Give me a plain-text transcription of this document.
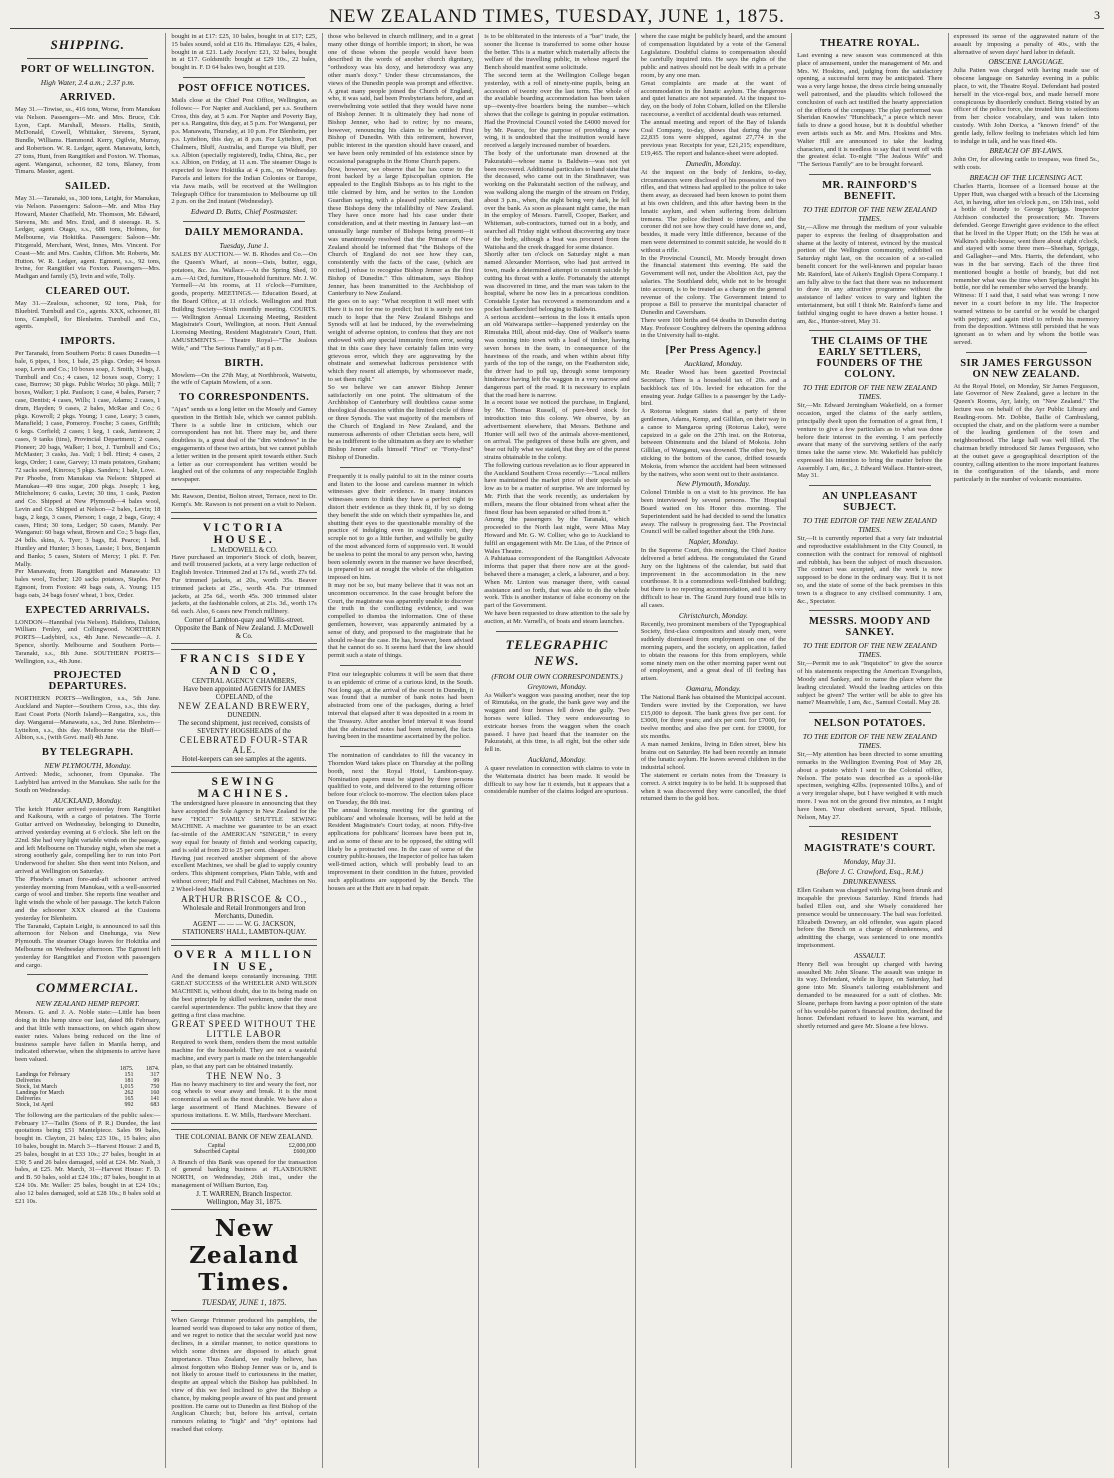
NEW ZEALAND TIMES, TUESDAY, JUNE 1, 1875.	3
SHIPPING.
PORT OF WELLINGTON.
High Water, 2.4 a.m.; 2.37 p.m.
ARRIVED.
May 31.—Towise, ss., 416 tons, Worse, from Manukau via Nelson. Passengers—Mr. and Mrs. Bruce, Cdr. Lyon, Capt. Marshall, Messrs. Hallis, Smith, McDonald, Cowell, Whittaker, Stevens, Syrant, Bundle, Williams. Hammond. Kerry, Ogilvie, Murray, and Robertson. W. R. Ledger, agent. Manawatu, ketch, 27 tons, Hunt, from Rangitikei and Foxton. W. Thomas, agent. Wanganui, schooner, 82 tons, Blaney, from Timaru. Master, agent.
SAILED.
May 31.—Taranaki, ss., 300 tons, Leight, for Manukau, via Nelson. Passengers: Saloon—Mr. and Miss Hay Howard, Master Chatfield, Mr. Thomson, Mr. Edward, Stevens, Mr. and Mrs. Enid, and 8 steerage. R. S. Ledger, agent. Otago, s.s., 688 tons, Holmes, for Melbourne, via Hokitika. Passengers: Saloon—Mr. Fitzgerald, Merchant, West, Innes, Mrs. Vincent. For Coast—Mr. and Mrs. Cashin, Clifton. Mr. Roberts, Mr. Hutton. W. R. Ledger, agent. Egmont, s.s., 92 tons, Irvine, for Rangitikei via Foxton. Passengers—Mrs. Madigan and family (5), Irvin and wife, Tolly.
CLEARED OUT.
May 31.—Zealous, schooner, 92 tons, Pisk, for Bluebird. Turnbull and Co., agents. XXX, schooner, 81 tons, Campbell, for Blenheim. Turnbull and Co., agents.
IMPORTS.
Per Taranaki, from Southern Ports: 8 cases Dunedin—1 bale, 6 pipes, 1 box, 1 bale, 25 pkgs. Order; 44 boxes soap, Levin and Co.; 10 boxes soap, J. Smith, 3 bags, J. Turnbull and Co.; 4 cases, 12 boxes soap, Corry; 1 case, Burrow; 30 pkgs. Public Works; 30 pkgs. Mill; 7 boxes, Walker; 1 pkt. Paulson; 1 case, 4 bales, Parser; 7 case, Dentist; 4 cases, Wills; 1 case, Adams; 2 cases, 1 drum, Hayden; 9 cases, 2 bales, McRae and Co.; 6 pkgs. Kowroll; 2 pkgs. Young; 1 case, Leary; 3 cases, Mansfield; 1 case, Pomeroy. Fosche; 3 cases, Griffith; 6 kegs. Corfield; 2 cases; 1 keg, 1 cask, Jamieson; 2 cases, 9 tanks (tins), Provincial Department; 2 cases, Pioneer; 20 bags, Walker; 1 box, J. Turnbull and Co.; McMaster; 3 casks, Jas. Vail; 1 bdl. Hirst; 4 cases, 2 kegs, Order; 1 case, Garvey; 13 mats potatoes, Graham; 72 sacks seed, Kinross; 5 pkgs. Sanders; 1 bale, Love.
Per Phoebe, from Manukau via Nelson: Shipped at Manukau—49 tins sugar, 200 pkgs. Joseph; 1 keg, Mitchelmore; 6 casks, Levin; 30 tins, 1 cask, Paxton and Co. Shipped at New Plymouth—4 bales wool, Levin and Co. Shipped at Nelson—2 bales, Levin; 18 bags, 2 kegs, 3 cases, Pierson; 1 cage, 2 bags, Gray; 4 cases, Hirst; 30 tons, Ledger; 50 cases, Mandy. Per Wanganui: 60 bags wheat, Brown and Co.; 5 bags flax, 24 bdls. skins, A. Tyer; 3 bags, Ed. Pearce; 1 bdl. Huntley and Hunter; 3 boxes, Lassie; 1 box, Benjamin and Banks; 5 cases, Sisters of Mercy; 1 pkt. F. Fer. Mally.
Per Manawatu, from Rangitikei and Manawatu: 13 bales wool, Tocher; 120 sacks potatoes, Staples. Per Egmont, from Foxton: 49 bags oats, A. Young; 115 bags oats, 24 bags foxes' wheat, 1 box, Order.
EXPECTED ARRIVALS.
LONDON—Hannibal (via Nelson). Halidons, Dalston, William Fenley, and Collingwood. NORTHERN PORTS—Ladybird, s.s., 4th June. Newcastle—A. J. Spence, shortly. Melbourne and Southern Ports—Taranaki, s.s., 8th June. SOUTHERN PORTS—Wellington, s.s., 4th June.
PROJECTED DEPARTURES.
NORTHERN PORTS—Wellington, s.s., 5th June. Auckland and Napier—Southern Cross, s.s., this day. East Coast Ports (North Island)—Rangatira, s.s., this day. Wanganui—Manawatu, s.s., 3rd June. Blenheim—Lyttelton, s.s., this day. Melbourne via the Bluff—Albion, s.s., (with Govt. mail) 4th June.
BY TELEGRAPH.
NEW PLYMOUTH, Monday.
Arrived: Medic, schooner, from Opunake. The Ladybird has arrived in the Manukau. She sails for the South on Wednesday.
AUCKLAND, Monday.
The ketch Hunter arrived yesterday from Rangitikei and Kaikoura, with a cargo of potatoes. The Torrie Guitar arrived on Wednesday, belonging to Dunedin, arrived yesterday evening at 6 o'clock. She left on the 22nd. She had very light variable winds on the passage, and left Melbourne on Thursday night, when she met a strong southerly gale, compelling her to run into Port Underwood for shelter. She then went into Nelson, and arrived at Wellington on Saturday.
The Phoebe's smart fore-and-aft schooner arrived yesterday morning from Manukau, with a well-assorted cargo of wool and timber. She reports fine weather and light winds the whole of her passage. The ketch Falcon and the schooner XXX cleared at the Customs yesterday for Blenheim.
The Taranaki, Captain Leight, is announced to sail this afternoon for Nelson and Onehunga, via New Plymouth. The steamer Otago leaves for Hokitika and Melbourne on Wednesday afternoon. The Egmont left yesterday for Rangitikei and Foxton with passengers and cargo.
COMMERCIAL.
NEW ZEALAND HEMP REPORT.
Messrs. G. and J. A. Noble state:—Little has been doing in this hemp since our last, dated 8th February, and that little with transactions, on which again show easier rates. Values being reduced on the line of business sample have fallen in Manila hemp, and indicated otherwise, when the shipments to arrive have been valued.
	1875.	1874.
Landings for February	151	317
Deliveries	181	99
Stock, 1st March	1,015	750
Landings for March	262	160
Deliveries	165	141
Stock, 1st April	992	683
The following are the particulars of the public sales:— February 17—Tailin (Sons of P. R.) Dundee, the last quotations being £51 Mantelpiece. Sales 99 bales, bought in. Clayton, 21 bales; £23 10s., 15 bales; also 10 bales, bought in. March 3—Harvest House: 2 and B, 25 bales, bought in at £33 10s.; 27 bales, bought in at £30; 5 and 26 bales damaged, sold at £24. Mr. Nash, 3 bales, at £25. Mr. March, 31—Harvest House: F. D. and B. 50 bales, sold at £24 10s.; 87 bales, bought in at £24 10s. Mr. Waller: 25 bales, bought in at £24 10s.; also 12 bales damaged, sold at £28 10s.; 8 bales sold at £21 10s.
bought in at £17: £25, 10 bales, bought in at £17; £25, 15 bales sound, sold at £16 8s. Himalaya: £26, 4 bales, bought in at £21. Lady Jocelyn: £21, 32 bales, bought in at £17. Goldsmith: bought at £29 10s., 22 bales, bought in. F. D 64 bales two, bought at £19.
POST OFFICE NOTICES.
Mails close at the Chief Post Office, Wellington, as follows:— For Napier and Auckland, per s.s. Southern Cross, this day, at 5 a.m. For Napier and Poverty Bay, per s.s. Rangatira, this day, at 5 p.m. For Wanganui, per p.s. Manawatu, Thursday, at 10 p.m. For Blenheim, per p.s. Lyttelton, this day, at 8 p.m. For Lyttelton, Port Chalmers, Bluff, Australia, and Europe via Bluff, per s.s. Albion (specially registered), India, China, &c., per s.s. Albion, on Friday, at 11 a.m. The steamer Otago is expected to leave Hokitika at 4 p.m., on Wednesday. Parcels and letters for the Indian Colonies or Europe, via Java mails, will be received at the Wellington Telegraph Office for transmission to Melbourne up till 2 p.m. on the 2nd instant (Wednesday).
Edward D. Butts, Chief Postmaster.
DAILY MEMORANDA.
Tuesday, June 1.
SALES BY AUCTION.— W. B. Rhodes and Co.—On the Queen's Wharf, at noon—Oats, butter, eggs, potatoes, &c. Jas. Wallace.—At the Spring Shed, 10 a.m.—At Ord, furniture, Household furniture. Mr. J. W. Yermell—At his rooms, at 11 o'clock—Furniture, goods, property. MEETINGS.— Education Board, at the Board Office, at 11 o'clock. Wellington and Hutt Building Society—Sixth monthly meeting. COURTS.— Wellington Annual Licensing Meeting, Resident Magistrate's Court, Wellington, at noon. Hutt Annual Licensing Meeting, Resident Magistrate's Court, Hutt. AMUSEMENTS.— Theatre Royal—"The Jealous Wife," and "The Serious Family," at 8 p.m.
BIRTH.
Mowlem—On the 27th May, at Northbrook, Waiwetu, the wife of Captain Mowlem, of a son.
TO CORRESPONDENTS.
"Ajax" sends us a long letter on the Mosely and Gamey question in the British Isle, which we cannot publish. There is a subtle line in criticism, which our correspondent has not hit. There may be, and there doubtless is, a great deal of the "dim windows" in the engagements of these two artists, but we cannot publish a letter written in the present spirit towards either. Such a letter as our correspondent has written would be laughed out of the columns of any respectable English newspaper.
Mr. Rawson, Dentist, Bolton street, Terrace, next to Dr. Kemp's. Mr. Rawson is not present on a visit to Nelson.
VICTORIA HOUSE.
L. McDOWELL & CO.
Have purchased an importer's Stock of cloth, beaver, and twill trousered jackets, at a very large reduction of English Invoice. Trimmed 2nd at 17s 6d., worth 27s 6d. Fur trimmed jackets, at 20s., worth 35s. Beaver trimmed jackets at 25s., worth 45s. Fur trimmed jackets, at 25s 6d., worth 45s. 300 trimmed ulster jackets, at the fashionable colors, at 21s. 3d., worth 17s 6d. each. Also, 6 cases new French millinery.
Corner of Lambton-quay and Willis-street. Opposite the Bank of New Zealand. J. McDowell & Co.
FRANCIS SIDEY AND CO,
CENTRAL AGENCY CHAMBERS,
Have been appointed AGENTS for JAMES COPELAND, of the
NEW ZEALAND BREWERY,
DUNEDIN.
The second shipment, just received, consists of SEVENTY HOGSHEADS of the
CELEBRATED FOUR-STAR ALE.
Hotel-keepers can see samples at the agents.
SEWING MACHINES.
The undersigned have pleasure in announcing that they have accepted the Sole Agency in New Zealand for the new "HOLT" FAMILY SHUTTLE SEWING MACHINE. A machine we guarantee to be an exact fac-simile of the AMERICAN "SINGER," in every way equal for beauty of finish and working capacity, and is sold at from 20 to 25 per cent. cheaper.
Having just received another shipment of the above excellent Machines, we shall be glad to supply country orders. This shipment comprises, Plain Table, with and without cover; Half and Full Cabinet, Machines on No. 2 Wheel-feed Machines.
ARTHUR BRISCOE & CO.,
Wholesale and Retail Ironmongers and Iron Merchants, Dunedin.
AGENT — — — W. G. JACKSON,
STATIONERS' HALL, LAMBTON-QUAY.
OVER A MILLION IN USE,
And the demand keeps constantly increasing. THE GREAT SUCCESS of the WHEELER AND WILSON MACHINE is, without doubt, due to its being made on the best principle by skilled workmen, under the most careful superintendence. The public know that they are getting a first class machine.
GREAT SPEED WITHOUT THE LITTLE LABOR
Required to work them, renders them the most suitable machine for the household. They are not a wasteful machine, and every part is made on the interchangeable plan, so that any part can be obtained instantly.
THE NEW No. 3
Has no heavy machinery to tire and weary the feet, nor cog wheels to wear away and break. It is the most economical as well as the most durable. We have also a large assortment of Hand Machines. Beware of spurious imitations. E. W. Mills, Hardware Merchant.
THE COLONIAL BANK OF NEW ZEALAND.
Capital	£2,000,000
Subscribed Capital	£600,000
A Branch of this Bank was opened for the transaction of general banking business at FLAXBOURNE NORTH, on Wednesday, 26th inst., under the management of William Burton, Esq.
J. T. WARREN, Branch Inspector.
Wellington, May 31, 1875.
New Zealand Times.
TUESDAY, JUNE 1, 1875.
When George Frimmer produced his pamphlets, the learned world was disposed to take any notice of them, and we regret to notice that the secular world just now declines, in a similar manner, to notice questions to which some divines are disposed to attach great importance. Thus Zealand, we really believe, has almost forgotten who Bishop Jenner was or is, and is not likely to arouse itself to curiousness in the matter, despite an appeal which the Bishop has published. In view of this we feel inclined to give the Bishop a chance, by making people aware of his past and present position. He came out to Dunedin as first Bishop of the Anglican Church; but, before his arrival, certain rumours relating to "high" and "dry" opinions had reached that colony.
those who believed in church millinery, and in a great many other things of horrible import; in short, he was one of those whom the people would have been described in the words of another church dignitary, "orthodoxy was his doxy, and heterodoxy was any other man's doxy." Under these circumstances, the views of the Dunedin people was prompt and effective. A great many people joined the Church of England, who, it was said, had been Presbyterians before, and an overwhelming vote settled that they would have none of Bishop Jenner. It is ultimately they had none of Bishop Jenner, who had to retire; by no means, however, renouncing his claim to be entitled First Bishop of Dunedin. With this retirement, however, public interest in the question should have ceased, and we have been only reminded of his existence since by occasional paragraphs in the Home Church papers.
Now, however, we observe that he has come to the front backed by a large Episcopalian opinion. He appealed to the English Bishops as to his right to the title claimed by him, and he writes to the London Guardian saying, with a pleased public sarcasm, that these Bishops deny the infallibility of New Zealand. They have once more had his case under their consideration, and at their meeting in January last—an unusually large number of Bishops being present—it was unanimously resolved that the Primate of New Zealand should be informed that "the Bishops of the Church of England do not see how they can, consistently with the facts of the case, (which are recited,) refuse to recognise Bishop Jenner as the first Bishop of Dunedin." This ultimatum, says Bishop Jenner, has been transmitted to the Archbishop of Canterbury to New Zealand.
He goes on to say: "What reception it will meet with there it is not for me to predict; but it is surely not too much to hope that the New Zealand Bishops and Synods will at last be induced, by the overwhelming weight of adverse opinion, to confess that they are not endowed with any special immunity from error, seeing that in this case they have certainly fallen into very grievous error, which they are aggravating by the obstinate and somewhat ludicrous persistence with which they resent all attempts, by whomsoever made, to set them right."
So we believe we can answer Bishop Jenner satisfactorily on one point. The ultimatum of the Archbishop of Canterbury will doubtless cause some theological discussion within the limited circle of three or three Synods. The vast majority of the members of the Church of England in New Zealand, and the numerous adherents of other Christian sects here, will be as indifferent to the ultimatum as they are to whether Bishop Jenner calls himself "First" or "Forty-first" Bishop of Dunedin.
Frequently it is really painful to sit in the minor courts and listen to the loose and careless manner in which witnesses give their evidence. In many instances witnesses seem to think they have a perfect right to distort their evidence as they think fit, if by so doing they benefit the side on which their sympathies lie, and shutting their eyes to the questionable morality of the practice of indulging even in suggestio veri, they scruple not to go a little further, and wilfully be guilty of the most advanced form of suppressio veri. It would be useless to point the moral to any person who, having been solemnly sworn in the manner we have described, is prepared to set at nought the whole of the obligation imposed on him.
It may not be so, but many believe that it was not an uncommon occurrence. In the case brought before the Court, the magistrate was apparently unable to discover the truth in the conflicting evidence, and was compelled to dismiss the information. One of these gentlemen, however, was apparently animated by a sense of duty, and proposed to the magistrate that he should re-hear the case. He has, however, been advised that he cannot do so. It seems hard that the law should permit such a state of things.
First our telegraphic columns it will be seen that there is an epidemic of crime of a curious kind, in the South. Not long ago, at the arrival of the escort in Dunedin, it was found that a number of bank notes had been abstracted from one of the packages, during a brief interval that elapsed after it was deposited in a room in the Treasury. After another brief interval it was found that the abstracted notes had been returned, the facts having been in the meantime ascertained by the police.
The nomination of candidates to fill the vacancy in Thorndon Ward takes place on Thursday at the polling booth, next the Royal Hotel, Lambton-quay. Nomination papers must be signed by three persons qualified to vote, and delivered to the returning officer before four o'clock to-morrow. The election takes place on Tuesday, the 8th inst.
The annual licensing meeting for the granting of publicans' and wholesale licenses, will be held at the Resident Magistrate's Court today, at noon. Fifty-five applications for publicans' licenses have been put in, and as some of these are to be opposed, the sitting will likely be a protracted one. In the case of some of the country public-houses, the Inspector of police has taken well-timed action, which will probably lead to an improvement in their condition in the future, provided such applications are supported by the Bench. The houses are at the Hutt are in bad repair.
is to be obliterated in the interests of a "bar" trade, the sooner the license is transferred to some other house the better. This is a matter which materially affects the welfare of the travelling public, in whose regard the Bench should manifest some solicitude.
The second term at the Wellington College began yesterday, with a roll of ninety-nine pupils, being an accession of twenty over the last term. The whole of the available boarding accommodation has been taken up—twenty-five boarders being the number—which shows that the college is gaining in popular estimation. Had the Provincial Council voted the £4000 moved for by Mr. Pearce, for the purpose of providing a new wing, it is undoubted that the institution would have received a largely increased number of boarders.
The body of the unfortunate man drowned at the Pakuratahi—whose name is Baldwin—was not yet been recovered. Additional particulars to hand state that the deceased, who came out in the Strathnaver, was working on the Pakuratahi section of the railway, and was walking along the margin of the stream on Friday, about 3 p.m., when, the night being very dark, he fell over the bank. As soon as pleasant night came, the man in the employ of Messrs. Farrell, Cooper, Barker, and Whiteman, sub-contractors, turned out in a body, and searched all Friday night without discovering any trace of the body, although a boat was procured from the Waitoha and the creek dragged for some distance.
Shortly after ten o'clock on Saturday night a man named Alexander Morrison, who had just arrived in town, made a determined attempt to commit suicide by cutting his throat with a knife. Fortunately the attempt was discovered in time, and the man was taken to the hospital, where he now lies in a precarious condition. Constable Lyster has recovered a memorandum and a pocket handkerchief belonging to Baldwin.
A serious accident—serious in the loss it entails upon an old Waiwarapa settler—happened yesterday on the Rimutaka Hill, about mid-day. One of Walker's teams was coming into town with a load of timber, having seven horses in the team, in consequence of the heaviness of the roads, and when within about fifty yards of the top of the range, on the Featherston side, the driver had to pull up, through some temporary hindrance having left the waggon in a very narrow and dangerous part of the road. It is necessary to explain that the road here is narrow.
In a recent issue we noticed the purchase, in England, by Mr. Thomas Russell, of pure-bred stock for introduction into this colony. We observe, by an advertisement elsewhere, that Messrs. Bethune and Hunter will sell two of the animals above-mentioned, on arrival. The pedigrees of these bulls are given, and bear out fully what we stated, that they are of the purest strains obtainable in the colony.
The following curious revelation as to flour appeared in the Auckland Southern Cross recently:—"Local millers have maintained the market price of their specials so low as to be a matter of surprise. We are informed by Mr. Firth that the work recently, as undertaken by millers, means the flour obtained from wheat after the finest flour has been separated or sifted from it."
Among the passengers by the Taranaki, which proceeded to the North last night, were Miss May Howard and Mr. G. W. Collier, who go to Auckland to fulfil an engagement with Mr. De Lias, of the Prince of Wales Theatre.
A Pahiatuaa correspondent of the Rangitikei Advocate informs that paper that there now are at the good-behaved there a manager, a clerk, a labourer, and a boy. When Mr. Linton was manager there, with casual assistance and so forth, that was able to do the whole work. This is another instance of false economy on the part of the Government.
We have been requested to draw attention to the sale by auction, at Mr. Varnell's, of boats and steam launches.
TELEGRAPHIC NEWS.
(FROM OUR OWN CORRESPONDENTS.)
Greytown, Monday.
As Walker's waggon was passing another, near the top of Rimutaka, on the grade, the bank gave way and the waggon and four horses fell down the gully. Two horses were killed. They were endeavouring to extricate horses from the waggon when the coach passed. I have just heard that the teamster on the Pakuratahi, at this time, is all right, but the other side fell in.
Auckland, Monday.
A queer revelation in connection with claims to vote in the Waitemata district has been made. It would be difficult to say how far it extends, but it appears that a considerable number of the claims lodged are spurious.
where the case might be publicly heard, and the amount of compensation liquidated by a vote of the General Legislature. Doubtful claims to compensation should be carefully inquired into. He says the rights of the public and natives should not be dealt with in a private room, by any one man.
Great complaints are made at the want of accommodation in the lunatic asylum. The dangerous and quiet lunatics are not separated. At the inquest to-day, on the body of John Cobarn, killed on the Ellerslie racecourse, a verdict of accidental death was returned.
The annual meeting and report of the Bay of Islands Coal Company, to-day, shows that during the year 22,835 tons were shipped, against 27,774 in the previous year. Receipts for year, £21,215; expenditure, £19,465. The report and balance-sheet were adopted.
Dunedin, Monday.
At the inquest on the body of Jenkins, to-day, circumstances were disclosed of his possession of two rifles, and that witness had applied to the police to take them away, as deceased had been known to point them at his own children, and this after having been in the lunatic asylum, and when suffering from delirium tremens. The police declined to interfere, and the coroner did not see how they could have done so, and, besides, it made very little difference, because of the men were determined to commit suicide, he would do it without a rifle.
In the Provincial Council, Mr. Moody brought down the financial statement this evening. He said the Government will not, under the Abolition Act, pay the salaries. The Southland debt, while not to be brought into account, is to be treated as a charge on the general revenue of the colony. The Government intend to propose a Bill to preserve the municipal character of Dunedin and Caversham.
There were 100 births and 64 deaths in Dunedin during May. Professor Coughtrey delivers the opening address in the University hall to-night.
[Per Press Agency.]
Auckland, Monday.
Mr. Reader Wood has been gazetted Provincial Secretary. There is a household tax of 20s. and a backblock tax of 10s. levied for education for the ensuing year. Judge Gillies is a passenger by the Lady-bird.
A Rotorua telegram states that a party of three gentlemen, Adams, Kemp, and Gillilan, on their way in a canoe to Mangaroa spring (Rotorua Lake), were capsized in a gale on the 27th inst. on the Rotorua, between Ohinemutu and the Island of Mokoia. John Gillilan, of Wanganui, was drowned. The other two, by sticking to the bottom of the canoe, drifted towards Mokoia, from whence the accident had been witnessed by the natives, who soon went out to their assistance.
New Plymouth, Monday.
Colonel Trimble is on a visit to his province. He has been interviewed by several persons. The Hospital Board waited on his Honor this morning. The Superintendent said he had decided to send the lunatics away. The railway is progressing fast. The Provincial Council will be called together about the 19th June.
Napier, Monday.
In the Supreme Court, this morning, the Chief Justice delivered a brief address. He congratulated the Grand Jury on the lightness of the calendar, but said that improvement in the accommodation in the new courthouse. It is a commodious well-finished building; but there is no reporting accommodation, and it is very difficult to hear in. The Grand Jury found true bills in all cases.
Christchurch, Monday.
Recently, two prominent members of the Typographical Society, first-class compositors and steady men, were suddenly dismissed from employment on one of the morning papers, and the society, on application, failed to obtain the reasons for this from employers, while some ninety men on the other morning paper went out of employment, and a great deal of ill feeling has arisen.
Oamaru, Monday.
The National Bank has obtained the Municipal account. Tenders were invited by the Corporation, we have £15,000 to deposit. The bank gives five per cent. for £3000, for three years; and six per cent. for £7000, for twelve months; and also five per cent. for £9000, for six months.
A man named Jenkins, living in Eden street, blew his brains out on Saturday. He had been recently an inmate of the lunatic asylum. He leaves several children in the industrial school.
The statement re certain notes from the Treasury is correct. A strict inquiry is to be held. It is supposed that when it was discovered they were cancelled, the thief returned them to the gold box.
THEATRE ROYAL.
Last evening a new season was commenced at this place of amusement, under the management of Mr. and Mrs. W. Hoskins, and, judging from the satisfactory opening, a successful term may be anticipated. There was a very large house, the dress circle being unusually well patronised, and the plaudits which followed the conclusion of each act testified the hearty appreciation of the efforts of the company. The play performed was Sheridan Knowles' "Hunchback," a piece which never fails to draw a good house, but it is doubtful whether even artists such as Mr. and Mrs. Hoskins and Mrs. Walter Hill are announced to take the leading characters, and it is needless to say that it went off with the greatest éclat. To-night "The Jealous Wife" and "The Serious Family" are to be brought forward.
MR. RAINFORD'S BENEFIT.
TO THE EDITOR OF THE NEW ZEALAND TIMES.
Sir,—Allow me through the medium of your valuable paper to express the feeling of disapprobation and shame at the laxity of interest, evinced by the musical portion of the Wellington community, exhibited on Saturday night last, on the occasion of a so-called benefit concert for the well-known and popular basso Mr. Rainford, late of Aiken's English Opera Company. I am fully alive to the fact that there was no inducement to draw in any attractive programme without the assistance of ladies' voices to vary and lighten the entertainment, but still I think Mr. Rainford's fame and faithful singing ought to have drawn a better house. I am, &c., Hunter-street, May 31.
THE CLAIMS OF THE EARLY SETTLERS, FOUNDERS OF THE COLONY.
TO THE EDITOR OF THE NEW ZEALAND TIMES.
Sir,—Mr. Edward Jerningham Wakefield, on a former occasion, urged the claims of the early settlers, principally dwelt upon the formation of a great firm, I venture to give a few particulars as to what was done before their interest in the evening. I am perfectly aware that many of the surviving settlers of the early times take the same view. Mr. Wakefield has publicly expressed his intention to bring the matter before the Assembly. I am, &c., J. Edward Wallace. Hunter-street, May 31.
AN UNPLEASANT SUBJECT.
TO THE EDITOR OF THE NEW ZEALAND TIMES.
Sir,—It is currently reported that a very fair industrial and reproductive establishment in the City Council, in connection with the contract for removal of nightsoil and rubbish, has been the subject of much discussion. The contract was accepted, and the work is now supposed to be done in the ordinary way. But it is not so, and the state of some of the back premises in this town is a disgrace to any civilised community. I am, &c., Spectator.
MESSRS. MOODY AND SANKEY.
TO THE EDITOR OF THE NEW ZEALAND TIMES.
Sir,—Permit me to ask "Inquisitor" to give the source of his statements respecting the American Evangelists, Moody and Sankey, and to name the place where the leading circulated. Would the leading articles on this subject be given? The writer will be able to give his name? Meanwhile, I am, &c., Samuel Costall. May 28.
NELSON POTATOES.
TO THE EDITOR OF THE NEW ZEALAND TIMES.
Sir,—My attention has been directed to some smutting remarks in the Wellington Evening Post of May 28, about a potato which I sent to the Colonial office, Nelson. The potato was described as a spook-like specimen, weighing 42lbs. (represented 10lbs.), and of a very irregular shape, but I have weighed it with much more. I was not on the ground five minutes, as I might have been. Your obedient servant, Spud. Hillside, Nelson, May 27.
RESIDENT MAGISTRATE'S COURT.
Monday, May 31.
(Before J. C. Crawford, Esq., R.M.)
DRUNKENNESS.
Ellen Graham was charged with having been drunk and incapable the previous Saturday. Kind friends had bailed Ellen out, and she Wisely considered her presence would be unnecessary. The bail was forfeited. Elizabeth Downey, an old offender, was again placed before the Bench on a charge of drunkenness, and admitting the charge, was sentenced to one month's imprisonment.
ASSAULT.
Henry Bell was brought up charged with having assaulted Mr. John Sloane. The assault was unique in its way. Defendant, while in liquor, on Saturday, had gone into Mr. Sloane's tailoring establishment and demanded to be measured for a suit of clothes. Mr. Sloane, perhaps from having a poor opinion of the state of his would-be patron's financial position, declined the honor. Defendant refused to leave his warrant, and shortly returned and gave Mr. Sloane a few blows.
expressed its sense of the aggravated nature of the assault by imposing a penalty of 40s., with the alternative of seven days' hard labor in default.
OBSCENE LANGUAGE.
Julia Patten was charged with having made use of obscene language on Saturday evening in a public place, to wit, the Theatre Royal. Defendant had posted herself in the vice-regal box, and made herself more conspicuous by disorderly conduct. Being visited by an officer of the police force, she treated him to selections from her choice vocabulary, and was taken into custody. With John Dorica, a "known friend" of the gentle lady, fellow feeling to inebriates which led him to indulge in talk, and he was fined 40s.
BREACH OF BY-LAWS.
John Orr, for allowing cattle to trespass, was fined 5s., with costs.
BREACH OF THE LICENSING ACT.
Charles Harris, licensee of a licensed house at the Upper Hutt, was charged with a breach of the Licensing Act, in having, after ten o'clock p.m., on 15th inst., sold a bottle of brandy to George Spriggs. Inspector Atchison conducted the prosecution; Mr. Travers defended. George Enwright gave evidence to the effect that he lived in the Upper Hutt; on the 15th he was at Walkins's public-house; went there about eight o'clock, and stayed with some three men—Sheehan, Spriggs, and Gallagher—and Mrs. Harris, the defendant, who was in the bar serving. Each of the three first mentioned bought a bottle of brandy, but did not remember what was the time when Spriggs bought his bottle, nor did he remember who served the brandy.
Witness: If I said that, I said what was wrong: I now never in a court before in my life. The Inspector warned witness to be careful or he would be charged with perjury; and again tried to refresh his memory from the deposition. Witness still persisted that he was ignorant as to when and by whom the bottle was served.
SIR JAMES FERGUSSON ON NEW ZEALAND.
At the Royal Hotel, on Monday, Sir James Fergusson, late Governor of New Zealand, gave a lecture in the Queen's Rooms, Ayr, lately, on "New Zealand." The lecture was on behalf of the Ayr Public Library and Reading-room. Mr. Dobbie, Bailie of Cambuslang, occupied the chair, and on the platform were a number of the leading gentlemen of the town and neighbourhood. The large hall was well filled. The chairman briefly introduced Sir James Fergusson, who at the outset gave a geographical description of the country, calling attention to the more important features in the configuration of the islands, and more particularly in the number of volcanic mountains.
